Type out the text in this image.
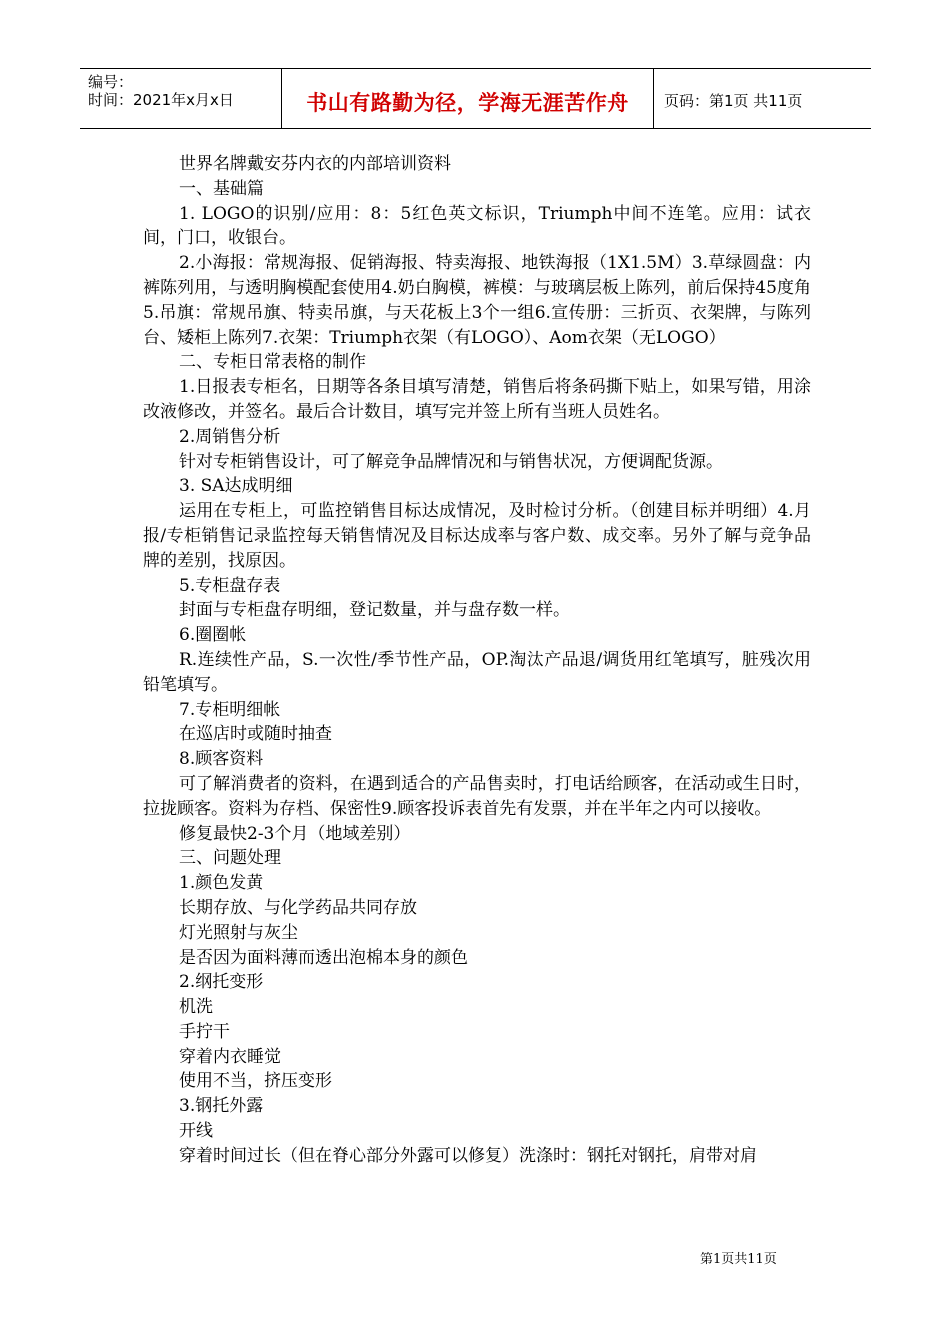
编号：
时间：2021年x月x日	书山有路勤为径，学海无涯苦作舟	页码：第1页 共11页

世界名牌戴安芬内衣的内部培训资料

一、基础篇

1. LOGO的识别/应用：8：5红色英文标识，Triumph中间不连笔。应用：试衣间，门口，收银台。

2.小海报：常规海报、促销海报、特卖海报、地铁海报（1X1.5M）3.草绿圆盘：内裤陈列用，与透明胸模配套使用4.奶白胸模，裤模：与玻璃层板上陈列，前后保持45度角5.吊旗：常规吊旗、特卖吊旗，与天花板上3个一组6.宣传册：三折页、衣架牌，与陈列台、矮柜上陈列7.衣架：Triumph衣架（有LOGO）、Aom衣架（无LOGO）

二、专柜日常表格的制作

1.日报表专柜名，日期等各条目填写清楚，销售后将条码撕下贴上，如果写错，用涂改液修改，并签名。最后合计数目，填写完并签上所有当班人员姓名。

2.周销售分析

针对专柜销售设计，可了解竞争品牌情况和与销售状况，方便调配货源。

3. SA达成明细

运用在专柜上，可监控销售目标达成情况，及时检讨分析。（创建目标并明细）4.月报/专柜销售记录监控每天销售情况及目标达成率与客户数、成交率。另外了解与竞争品牌的差别，找原因。

5.专柜盘存表

封面与专柜盘存明细，登记数量，并与盘存数一样。

6.圈圈帐

R.连续性产品，S.一次性/季节性产品，OP.淘汰产品退/调货用红笔填写，脏残次用铅笔填写。

7.专柜明细帐

在巡店时或随时抽查

8.顾客资料

可了解消费者的资料，在遇到适合的产品售卖时，打电话给顾客，在活动或生日时，拉拢顾客。资料为存档、保密性9.顾客投诉表首先有发票，并在半年之内可以接收。

修复最快2-3个月（地域差别）

三、问题处理

1.颜色发黄

长期存放、与化学药品共同存放

灯光照射与灰尘

是否因为面料薄而透出泡棉本身的颜色

2.纲托变形

机洗

手拧干

穿着内衣睡觉

使用不当，挤压变形

3.钢托外露

开线

穿着时间过长（但在脊心部分外露可以修复）洗涤时：钢托对钢托，肩带对肩

第1页共11页
